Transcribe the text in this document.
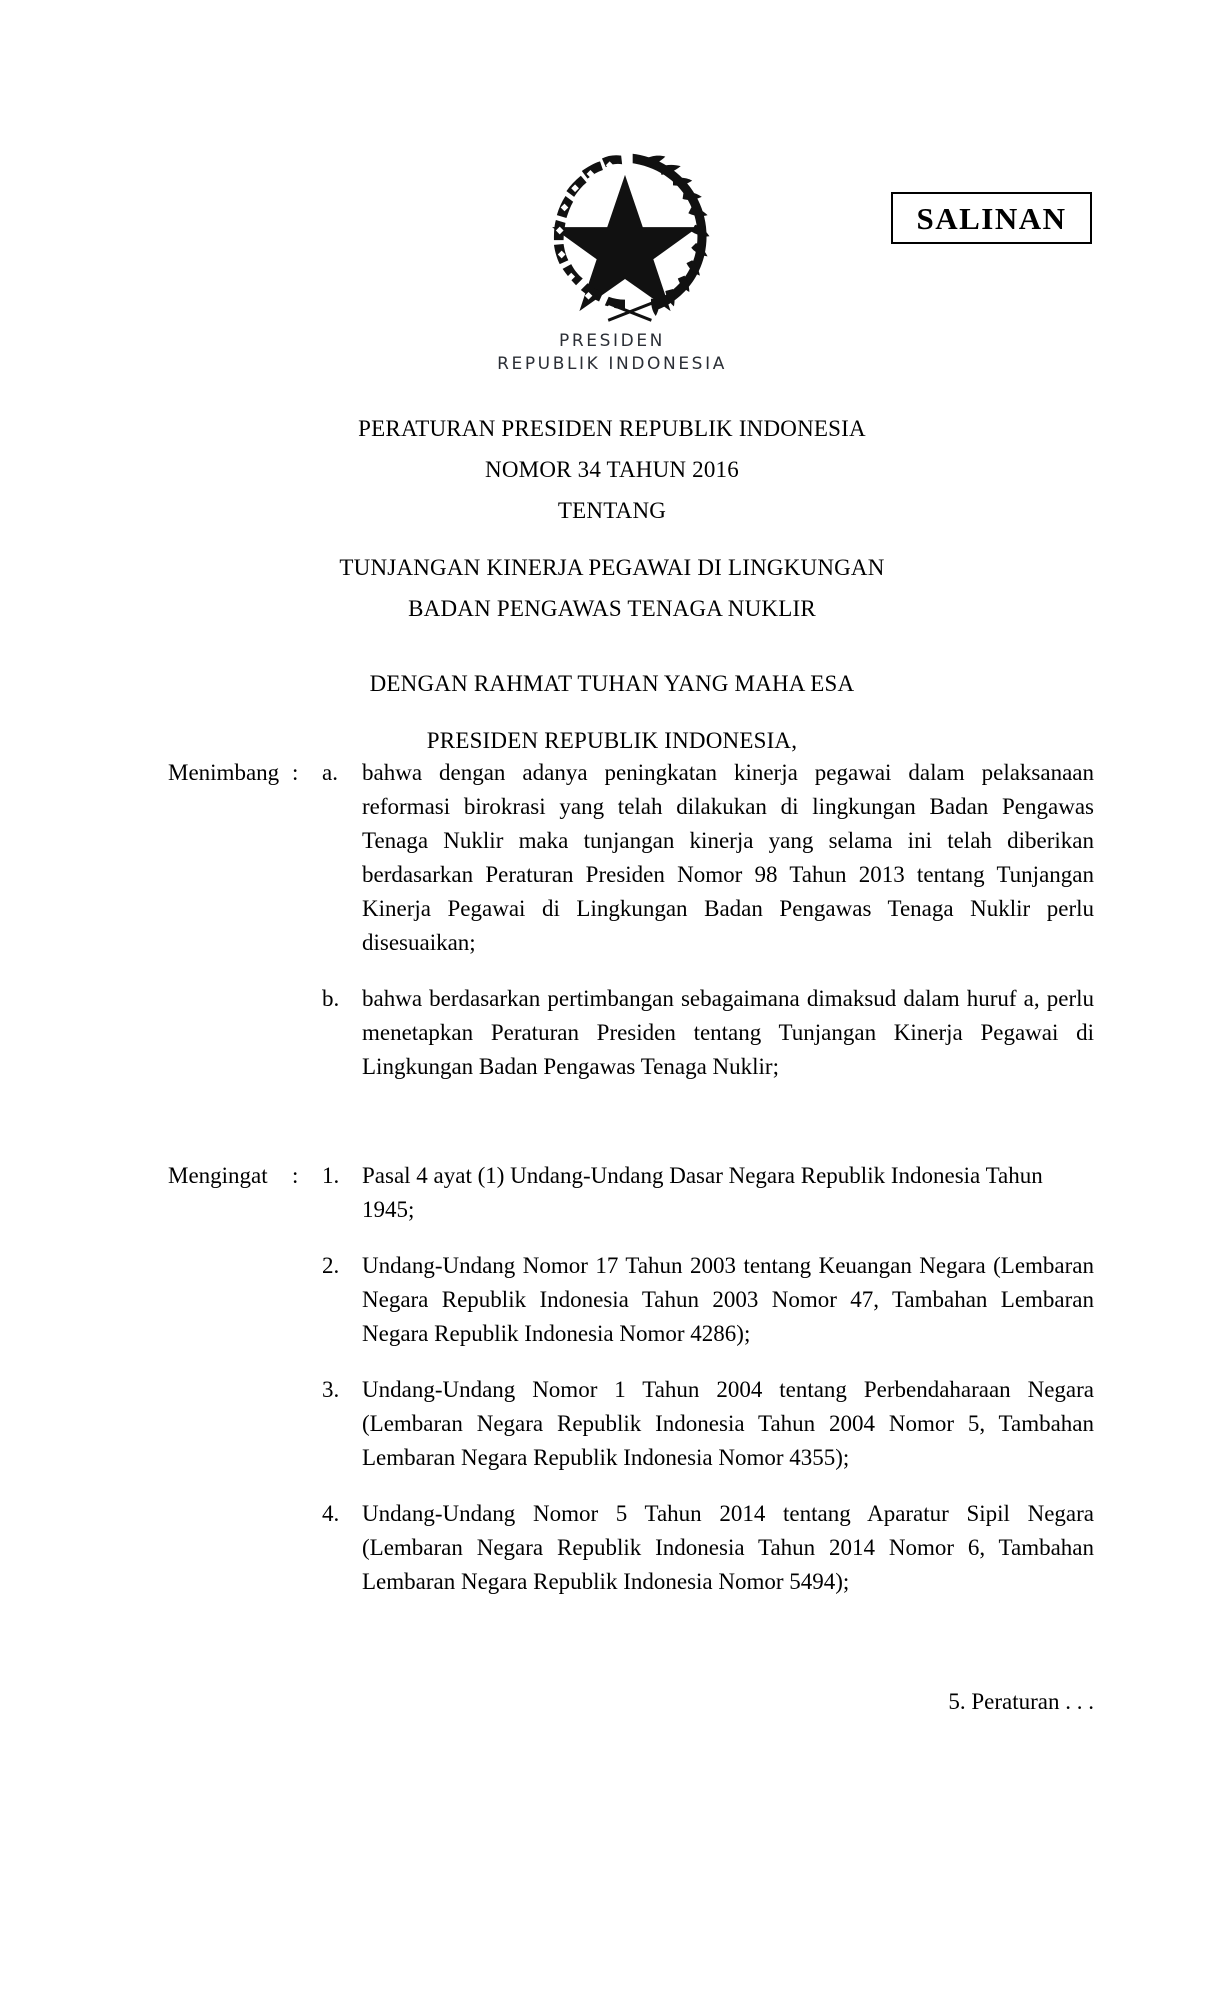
SALINAN
PRESIDEN
REPUBLIK INDONESIA
PERATURAN PRESIDEN REPUBLIK INDONESIA
NOMOR 34 TAHUN 2016
TENTANG
TUNJANGAN KINERJA PEGAWAI DI LINGKUNGAN
BADAN PENGAWAS TENAGA NUKLIR
DENGAN RAHMAT TUHAN YANG MAHA ESA
PRESIDEN REPUBLIK INDONESIA,
Menimbang :	a.	bahwa dengan adanya peningkatan kinerja pegawai dalam pelaksanaan reformasi birokrasi yang telah dilakukan di lingkungan Badan Pengawas Tenaga Nuklir maka tunjangan kinerja yang selama ini telah diberikan berdasarkan Peraturan Presiden Nomor 98 Tahun 2013 tentang Tunjangan Kinerja Pegawai di Lingkungan Badan Pengawas Tenaga Nuklir perlu disesuaikan;
b. bahwa berdasarkan pertimbangan sebagaimana dimaksud dalam huruf a, perlu menetapkan Peraturan Presiden tentang Tunjangan Kinerja Pegawai di Lingkungan Badan Pengawas Tenaga Nuklir;
Mengingat	:	1. Pasal 4 ayat (1) Undang-Undang Dasar Negara Republik Indonesia Tahun 1945;
2. Undang-Undang Nomor 17 Tahun 2003 tentang Keuangan Negara (Lembaran Negara Republik Indonesia Tahun 2003 Nomor 47, Tambahan Lembaran Negara Republik Indonesia Nomor 4286);
3. Undang-Undang Nomor 1 Tahun 2004 tentang Perbendaharaan Negara (Lembaran Negara Republik Indonesia Tahun 2004 Nomor 5, Tambahan Lembaran Negara Republik Indonesia Nomor 4355);
4. Undang-Undang Nomor 5 Tahun 2014 tentang Aparatur Sipil Negara (Lembaran Negara Republik Indonesia Tahun 2014 Nomor 6, Tambahan Lembaran Negara Republik Indonesia Nomor 5494);
5. Peraturan . . .
